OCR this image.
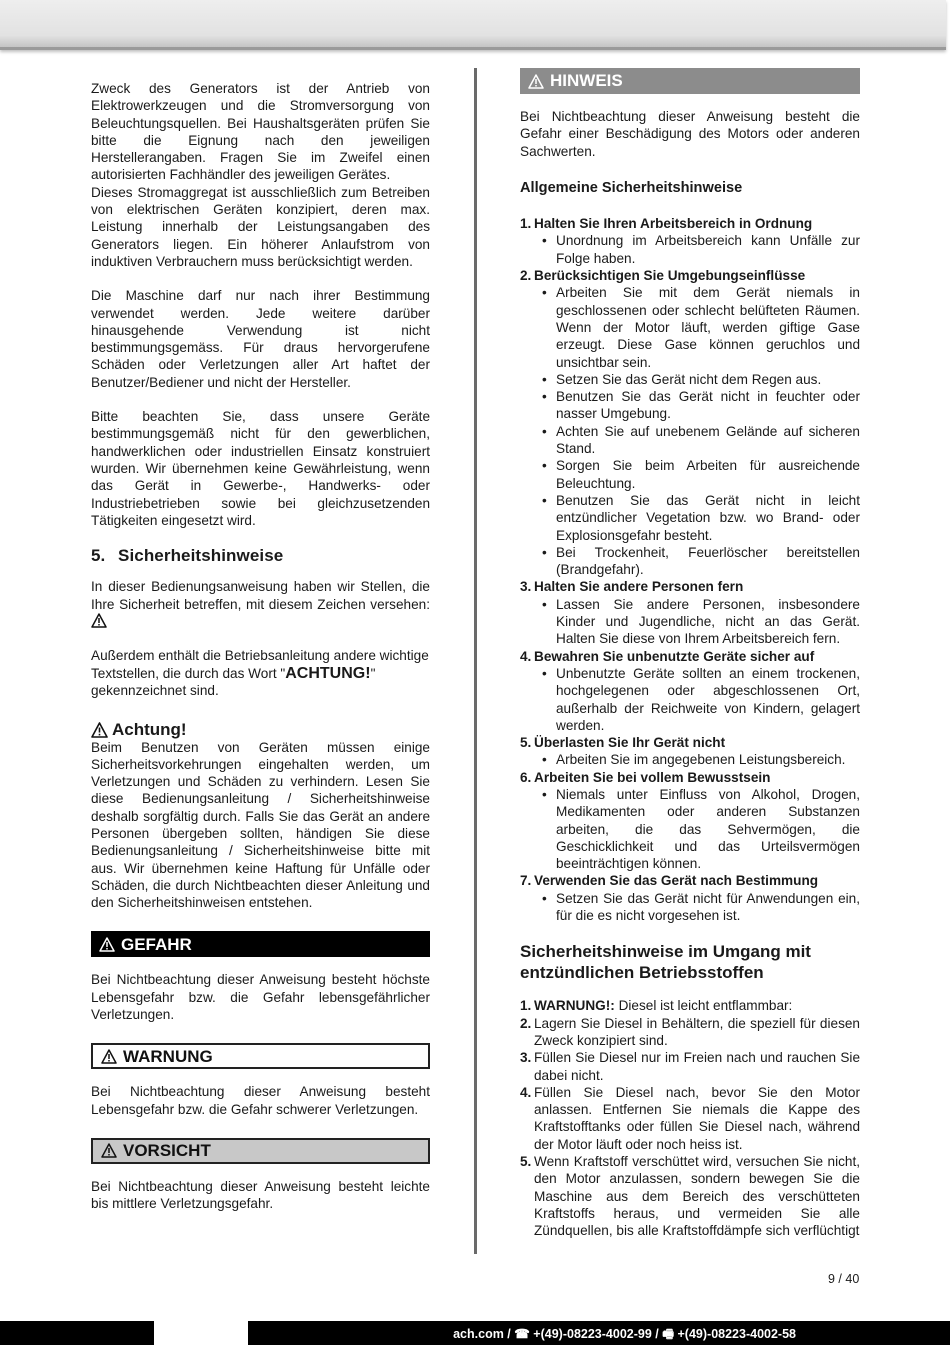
Zweck des Generators ist der Antrieb von Elektrowerkzeugen und die Stromversorgung von Beleuchtungsquellen. Bei Haushaltsgeräten prüfen Sie bitte die Eignung nach den jeweiligen Herstellerangaben. Fragen Sie im Zweifel einen autorisierten Fachhändler des jeweiligen Gerätes.

Dieses Stromaggregat ist ausschließlich zum Betreiben von elektrischen Geräten konzipiert, deren max. Leistung innerhalb der Leistungsangaben des Generators liegen. Ein höherer Anlaufstrom von induktiven Verbrauchern muss berücksichtigt werden.

Die Maschine darf nur nach ihrer Bestimmung verwendet werden. Jede weitere darüber hinausgehende Verwendung ist nicht bestimmungsgemäss. Für draus hervorgerufene Schäden oder Verletzungen aller Art haftet der Benutzer/Bediener und nicht der Hersteller.

Bitte beachten Sie, dass unsere Geräte bestimmungsgemäß nicht für den gewerblichen, handwerklichen oder industriellen Einsatz konstruiert wurden. Wir übernehmen keine Gewährleistung, wenn das Gerät in Gewerbe-, Handwerks- oder Industriebetrieben sowie bei gleichzusetzenden Tätigkeiten eingesetzt wird.

5. Sicherheitshinweise

In dieser Bedienungsanweisung haben wir Stellen, die Ihre Sicherheit betreffen, mit diesem Zeichen versehen:

Außerdem enthält die Betriebsanleitung andere wichtige Textstellen, die durch das Wort "ACHTUNG!" gekennzeichnet sind.

Achtung!

Beim Benutzen von Geräten müssen einige Sicherheitsvorkehrungen eingehalten werden, um Verletzungen und Schäden zu verhindern. Lesen Sie diese Bedienungsanleitung / Sicherheitshinweise deshalb sorgfältig durch. Falls Sie das Gerät an andere Personen übergeben sollten, händigen Sie diese Bedienungsanleitung / Sicherheitshinweise bitte mit aus. Wir übernehmen keine Haftung für Unfälle oder Schäden, die durch Nichtbeachten dieser Anleitung und den Sicherheitshinweisen entstehen.

GEFAHR

Bei Nichtbeachtung dieser Anweisung besteht höchste Lebensgefahr bzw. die Gefahr lebensgefährlicher Verletzungen.

WARNUNG

Bei Nichtbeachtung dieser Anweisung besteht Lebensgefahr bzw. die Gefahr schwerer Verletzungen.

VORSICHT

Bei Nichtbeachtung dieser Anweisung besteht leichte bis mittlere Verletzungsgefahr.

HINWEIS

Bei Nichtbeachtung dieser Anweisung besteht die Gefahr einer Beschädigung des Motors oder anderen Sachwerten.

Allgemeine Sicherheitshinweise
1. Halten Sie Ihren Arbeitsbereich in Ordnung
• Unordnung im Arbeitsbereich kann Unfälle zur Folge haben.
2. Berücksichtigen Sie Umgebungseinflüsse
• Arbeiten Sie mit dem Gerät niemals in geschlossenen oder schlecht belüfteten Räumen. Wenn der Motor läuft, werden giftige Gase erzeugt. Diese Gase können geruchlos und unsichtbar sein.
• Setzen Sie das Gerät nicht dem Regen aus.
• Benutzen Sie das Gerät nicht in feuchter oder nasser Umgebung.
• Achten Sie auf unebenem Gelände auf sicheren Stand.
• Sorgen Sie beim Arbeiten für ausreichende Beleuchtung.
• Benutzen Sie das Gerät nicht in leicht entzündlicher Vegetation bzw. wo Brand- oder Explosionsgefahr besteht.
• Bei Trockenheit, Feuerlöscher bereitstellen (Brandgefahr).
3. Halten Sie andere Personen fern
• Lassen Sie andere Personen, insbesondere Kinder und Jugendliche, nicht an das Gerät. Halten Sie diese von Ihrem Arbeitsbereich fern.
4. Bewahren Sie unbenutzte Geräte sicher auf
• Unbenutzte Geräte sollten an einem trockenen, hochgelegenen oder abgeschlossenen Ort, außerhalb der Reichweite von Kindern, gelagert werden.
5. Überlasten Sie Ihr Gerät nicht
• Arbeiten Sie im angegebenen Leistungsbereich.
6. Arbeiten Sie bei vollem Bewusstsein
• Niemals unter Einfluss von Alkohol, Drogen, Medikamenten oder anderen Substanzen arbeiten, die das Sehvermögen, die Geschicklichkeit und das Urteilsvermögen beeinträchtigen können.
7. Verwenden Sie das Gerät nach Bestimmung
• Setzen Sie das Gerät nicht für Anwendungen ein, für die es nicht vorgesehen ist.
Sicherheitshinweise im Umgang mit entzündlichen Betriebsstoffen
1. WARNUNG!: Diesel ist leicht entflammbar:
2. Lagern Sie Diesel in Behältern, die speziell für diesen Zweck konzipiert sind.
3. Füllen Sie Diesel nur im Freien nach und rauchen Sie dabei nicht.
4. Füllen Sie Diesel nach, bevor Sie den Motor anlassen. Entfernen Sie niemals die Kappe des Kraftstofftanks oder füllen Sie Diesel nach, während der Motor läuft oder noch heiss ist.
5. Wenn Kraftstoff verschüttet wird, versuchen Sie nicht, den Motor anzulassen, sondern bewegen Sie die Maschine aus dem Bereich des verschütteten Kraftstoffs heraus, und vermeiden Sie alle Zündquellen, bis alle Kraftstoffdämpfe sich verflüchtigt
9 / 40
ach.com / ☎ +(49)-08223-4002-99 / 🖷 +(49)-08223-4002-58
